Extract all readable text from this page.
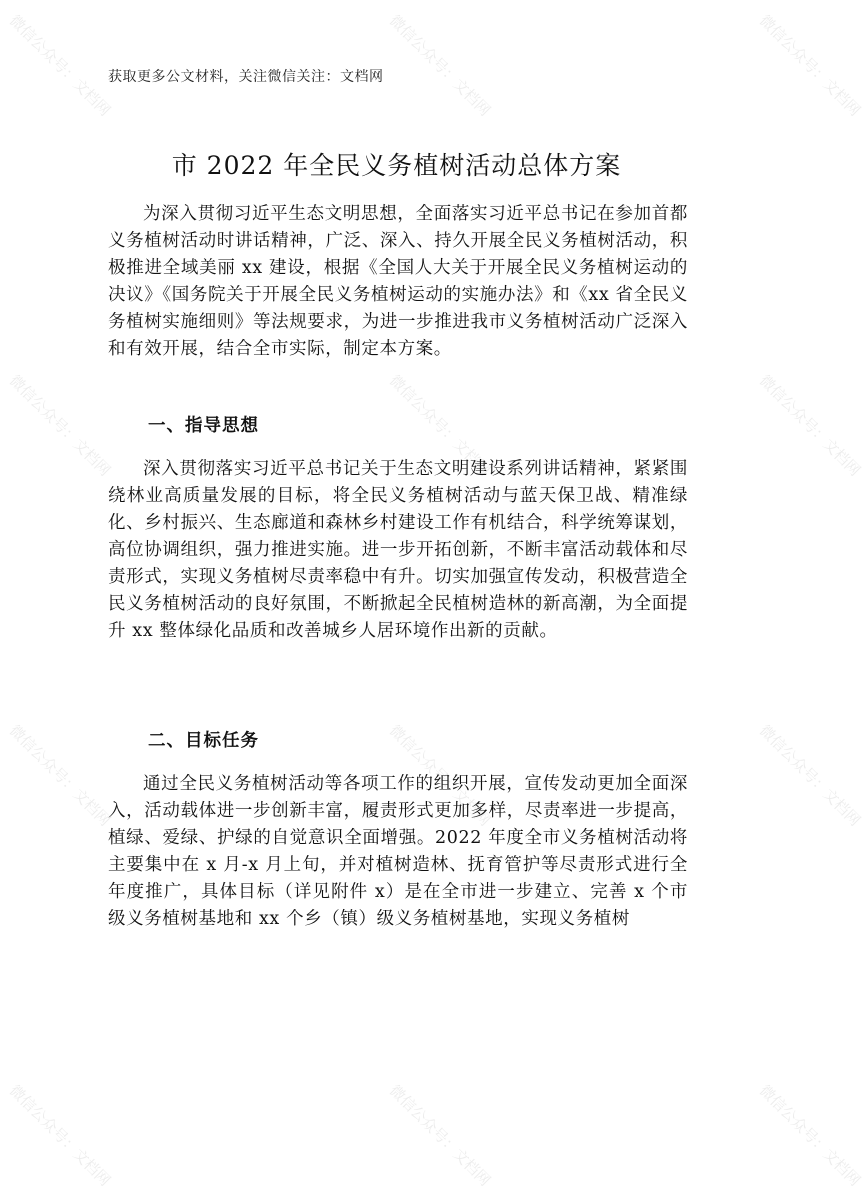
微信公众号：文档网	微信公众号：文档网	微信公众号：文档网
微信公众号：文档网	微信公众号：文档网	微信公众号：文档网
微信公众号：文档网	微信公众号：文档网	微信公众号：文档网
微信公众号：文档网	微信公众号：文档网	微信公众号：文档网
获取更多公文材料，关注微信关注：文档网
市 2022 年全民义务植树活动总体方案

为深入贯彻习近平生态文明思想，全面落实习近平总书记在参加首都义务植树活动时讲话精神，广泛、深入、持久开展全民义务植树活动，积极推进全域美丽 xx 建设，根据《全国人大关于开展全民义务植树运动的决议》《国务院关于开展全民义务植树运动的实施办法》和《xx 省全民义务植树实施细则》等法规要求，为进一步推进我市义务植树活动广泛深入和有效开展，结合全市实际，制定本方案。

一、指导思想

深入贯彻落实习近平总书记关于生态文明建设系列讲话精神，紧紧围绕林业高质量发展的目标，将全民义务植树活动与蓝天保卫战、精准绿化、乡村振兴、生态廊道和森林乡村建设工作有机结合，科学统筹谋划，高位协调组织，强力推进实施。进一步开拓创新，不断丰富活动载体和尽责形式，实现义务植树尽责率稳中有升。切实加强宣传发动，积极营造全民义务植树活动的良好氛围，不断掀起全民植树造林的新高潮，为全面提升 xx 整体绿化品质和改善城乡人居环境作出新的贡献。

二、目标任务

通过全民义务植树活动等各项工作的组织开展，宣传发动更加全面深入，活动载体进一步创新丰富，履责形式更加多样，尽责率进一步提高，植绿、爱绿、护绿的自觉意识全面增强。2022 年度全市义务植树活动将主要集中在 x 月-x 月上旬，并对植树造林、抚育管护等尽责形式进行全年度推广，具体目标（详见附件 x）是在全市进一步建立、完善 x 个市级义务植树基地和 xx 个乡（镇）级义务植树基地，实现义务植树
